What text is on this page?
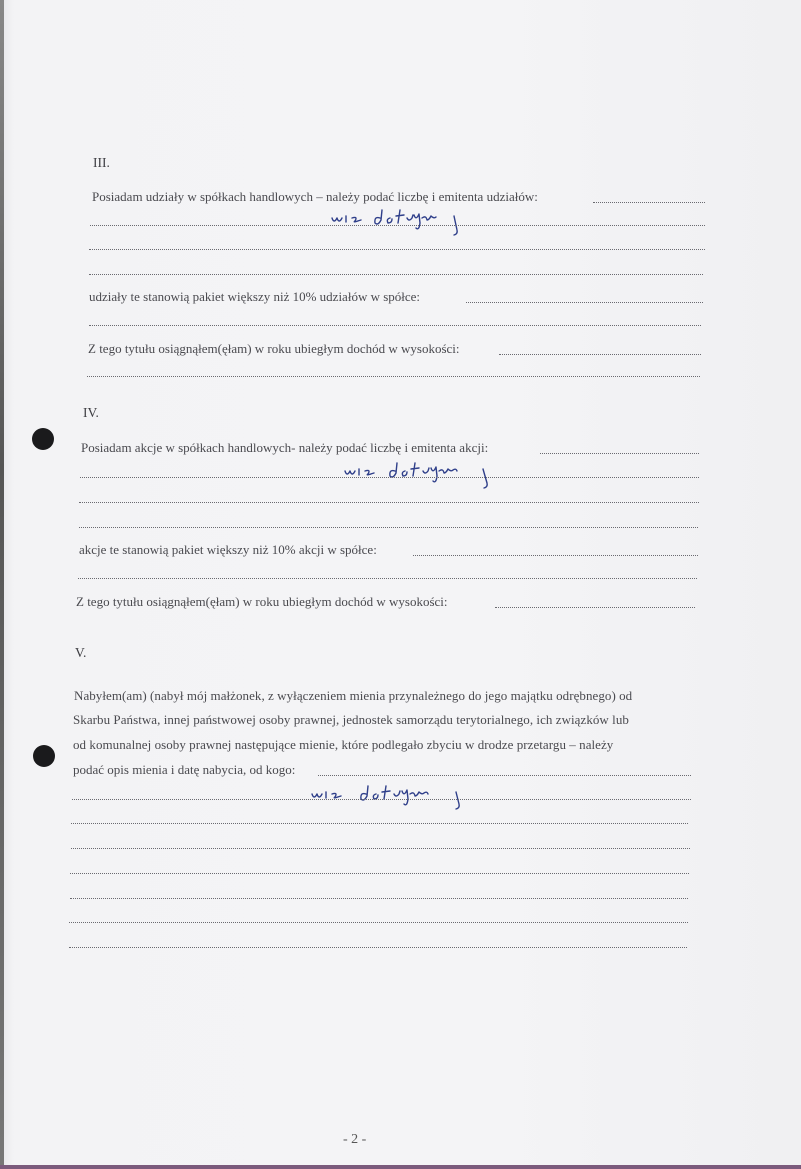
III.
Posiadam udziały w spółkach handlowych – należy podać liczbę i emitenta udziałów:
udziały te stanowią pakiet większy niż 10% udziałów w spółce:
Z tego tytułu osiągnąłem(ęłam) w roku ubiegłym dochód w wysokości:
IV.
Posiadam akcje w spółkach handlowych- należy podać liczbę i emitenta akcji:
akcje te stanowią pakiet większy niż 10% akcji w spółce:
Z tego tytułu osiągnąłem(ęłam) w roku ubiegłym dochód w wysokości:
V.
Nabyłem(am) (nabył mój małżonek, z wyłączeniem mienia przynależnego do jego majątku odrębnego) od
Skarbu Państwa, innej państwowej osoby prawnej, jednostek samorządu terytorialnego, ich związków lub
od komunalnej osoby prawnej następujące mienie, które podlegało zbyciu w drodze przetargu – należy
podać opis mienia i datę nabycia, od kogo:
- 2 -
